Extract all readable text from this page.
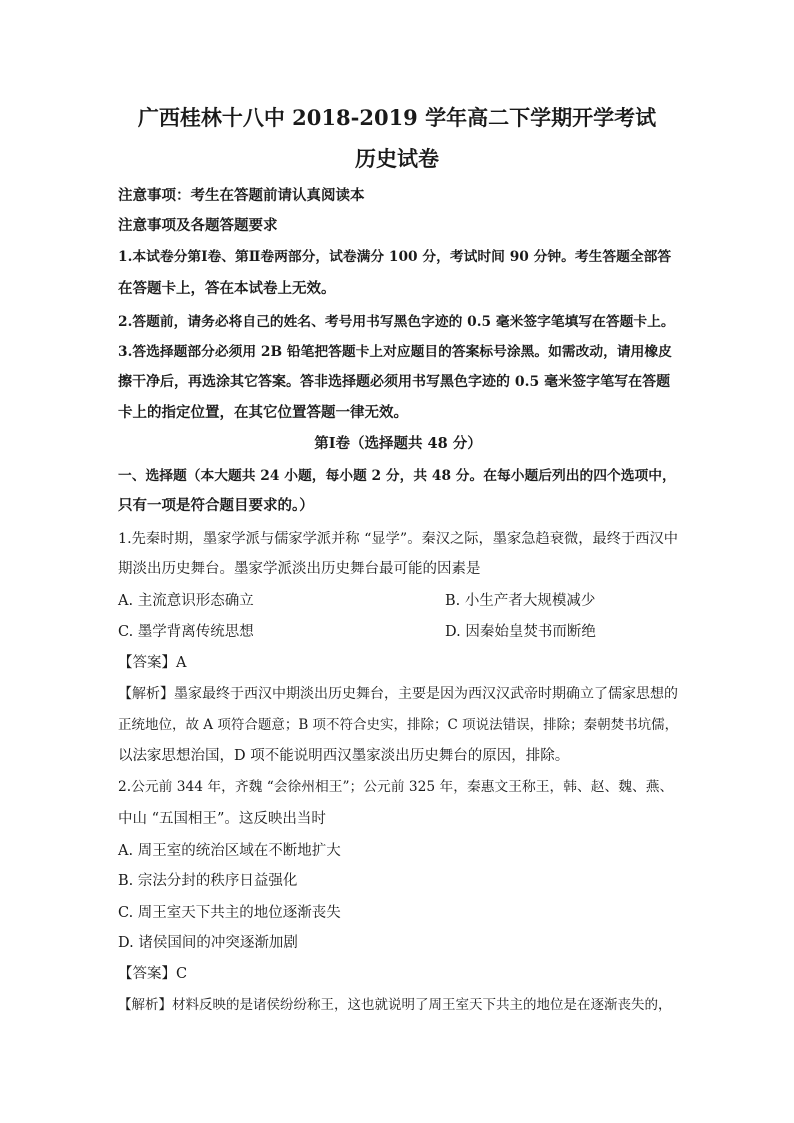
广西桂林十八中 2018-2019 学年高二下学期开学考试
历史试卷
注意事项：考生在答题前请认真阅读本
注意事项及各题答题要求
1.本试卷分第Ⅰ卷、第Ⅱ卷两部分，试卷满分 100 分，考试时间 90 分钟。考生答题全部答
在答题卡上，答在本试卷上无效。
2.答题前，请务必将自己的姓名、考号用书写黑色字迹的 0.5 毫米签字笔填写在答题卡上。
3.答选择题部分必须用 2B 铅笔把答题卡上对应题目的答案标号涂黑。如需改动，请用橡皮
擦干净后，再选涂其它答案。答非选择题必须用书写黑色字迹的 0.5 毫米签字笔写在答题
卡上的指定位置，在其它位置答题一律无效。
第Ⅰ卷（选择题共 48 分）
一、选择题（本大题共 24 小题，每小题 2 分，共 48 分。在每小题后列出的四个选项中，
只有一项是符合题目要求的。）
1.先秦时期，墨家学派与儒家学派并称 “显学”。秦汉之际，墨家急趋衰微，最终于西汉中
期淡出历史舞台。墨家学派淡出历史舞台最可能的因素是
A. 主流意识形态确立	B. 小生产者大规模减少
C. 墨学背离传统思想	D. 因秦始皇焚书而断绝
【答案】A
【解析】墨家最终于西汉中期淡出历史舞台，主要是因为西汉汉武帝时期确立了儒家思想的
正统地位，故 A 项符合题意；B 项不符合史实，排除；C 项说法错误，排除；秦朝焚书坑儒，
以法家思想治国，D 项不能说明西汉墨家淡出历史舞台的原因，排除。
2.公元前 344 年，齐魏 “会徐州相王”；公元前 325 年，秦惠文王称王，韩、赵、魏、燕、
中山 “五国相王”。这反映出当时
A. 周王室的统治区域在不断地扩大
B. 宗法分封的秩序日益强化
C. 周王室天下共主的地位逐渐丧失
D. 诸侯国间的冲突逐渐加剧
【答案】C
【解析】材料反映的是诸侯纷纷称王，这也就说明了周王室天下共主的地位是在逐渐丧失的，
